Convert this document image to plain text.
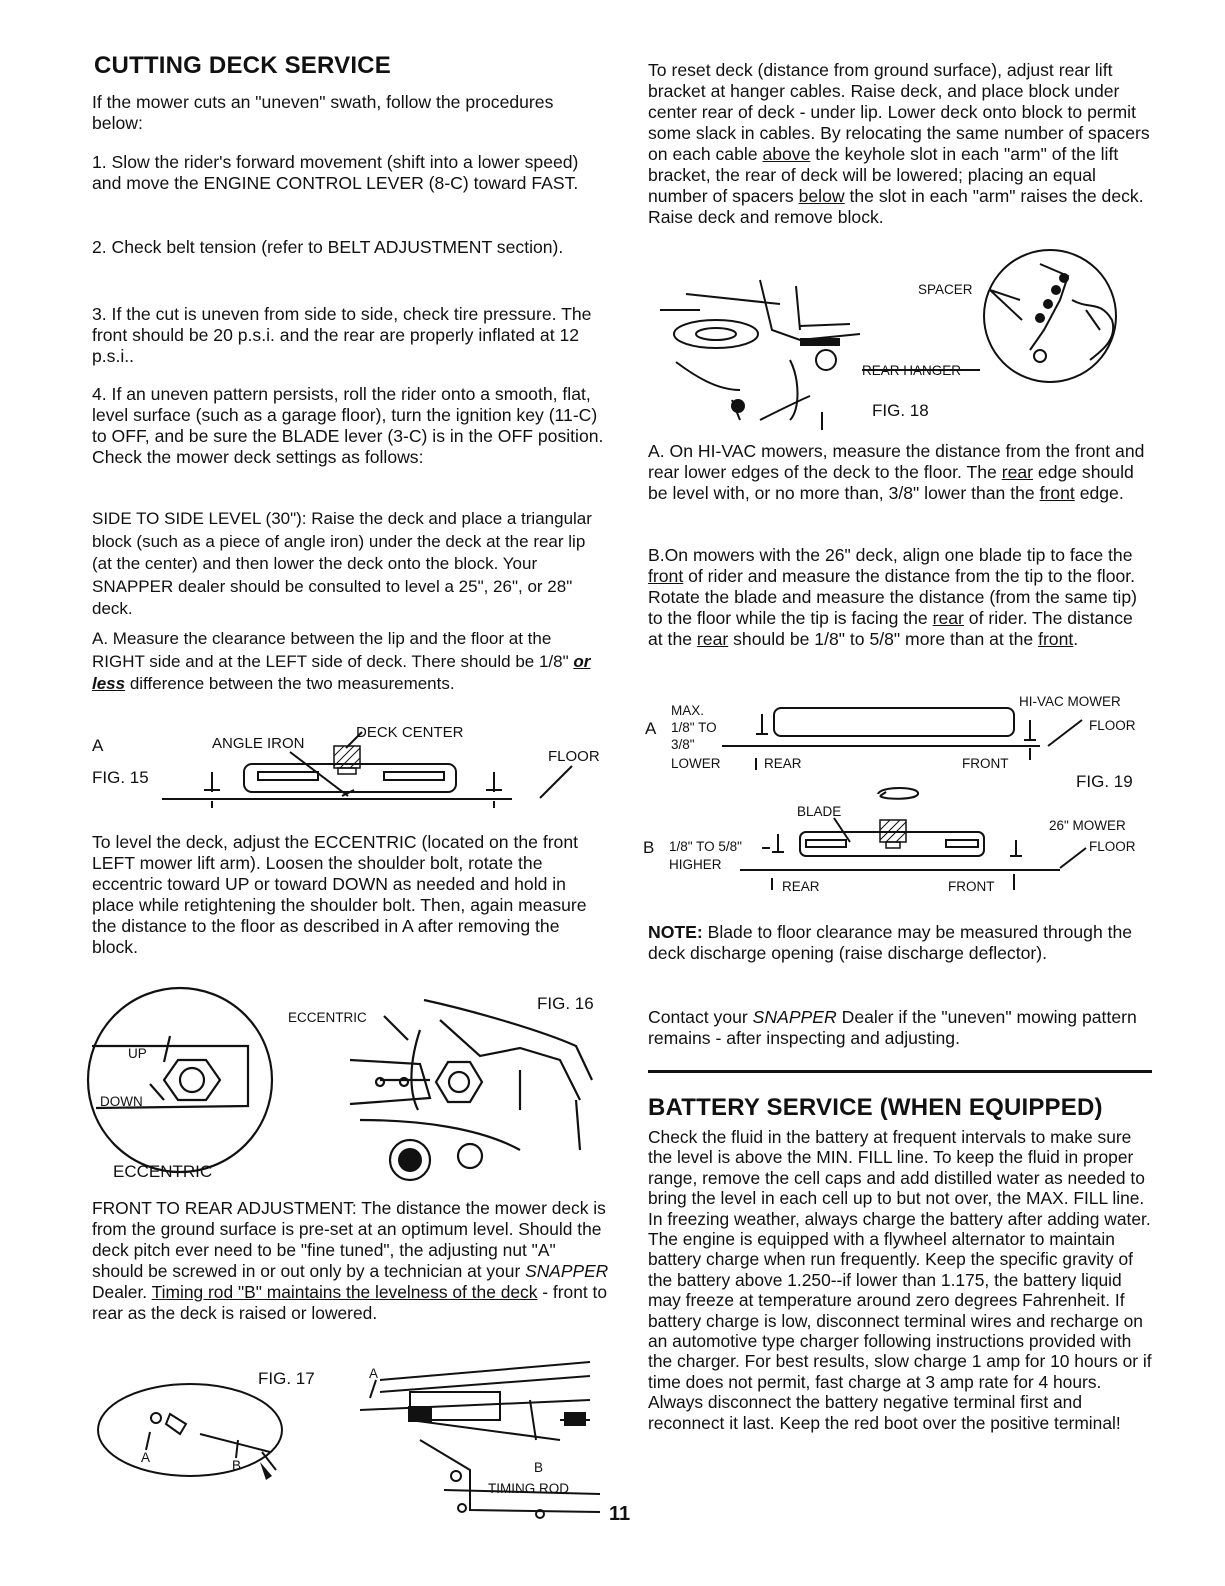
CUTTING DECK SERVICE

If the mower cuts an "uneven" swath, follow the procedures below:

1. Slow the rider's forward movement (shift into a lower speed) and move the ENGINE CONTROL LEVER (8-C) toward FAST.

2. Check belt tension (refer to BELT ADJUSTMENT section).

3. If the cut is uneven from side to side, check tire pressure. The front should be 20 p.s.i. and the rear are properly inflated at 12 p.s.i..

4. If an uneven pattern persists, roll the rider onto a smooth, flat, level surface (such as a garage floor), turn the ignition key (11-C) to OFF, and be sure the BLADE lever (3-C) is in the OFF position. Check the mower deck settings as follows:

SIDE TO SIDE LEVEL (30"): Raise the deck and place a triangular block (such as a piece of angle iron) under the deck at the rear lip (at the center) and then lower the deck onto the block. Your SNAPPER dealer should be consulted to level a 25", 26", or 28" deck.

A. Measure the clearance between the lip and the floor at the RIGHT side and at the LEFT side of deck. There should be 1/8" or less difference between the two measurements.

A	ANGLE IRON
DECK CENTER
FLOOR
FIG. 15

To level the deck, adjust the ECCENTRIC (located on the front LEFT mower lift arm). Loosen the shoulder bolt, rotate the eccentric toward UP or toward DOWN as needed and hold in place while retightening the shoulder bolt. Then, again measure the distance to the floor as described in A after removing the block.

FIG. 16
ECCENTRIC
UP
DOWN
ECCENTRIC

FRONT TO REAR ADJUSTMENT: The distance the mower deck is from the ground surface is pre-set at an optimum level. Should the deck pitch ever need to be "fine tuned", the adjusting nut "A" should be screwed in or out only by a technician at your SNAPPER Dealer. Timing rod "B" maintains the levelness of the deck - front to rear as the deck is raised or lowered.

FIG. 17	A
A
B	B
TIMING ROD
11

To reset deck (distance from ground surface), adjust rear lift bracket at hanger cables. Raise deck, and place block under center rear of deck - under lip. Lower deck onto block to permit some slack in cables. By relocating the same number of spacers on each cable above the keyhole slot in each "arm" of the lift bracket, the rear of deck will be lowered; placing an equal number of spacers below the slot in each "arm" raises the deck. Raise deck and remove block.

SPACER
REAR HANGER
FIG. 18

A. On HI-VAC mowers, measure the distance from the front and rear lower edges of the deck to the floor. The rear edge should be level with, or no more than, 3/8" lower than the front edge.

B.On mowers with the 26" deck, align one blade tip to face the front of rider and measure the distance from the tip to the floor. Rotate the blade and measure the distance (from the same tip) to the floor while the tip is facing the rear of rider. The distance at the rear should be 1/8" to 5/8" more than at the front.

MAX.
A 1/8" TO
3/8"
LOWER	REAR	FRONT
HI-VAC MOWER
FLOOR
FIG. 19
BLADE
B 1/8" TO 5/8"
HIGHER
26" MOWER
FLOOR
REAR	FRONT

NOTE: Blade to floor clearance may be measured through the deck discharge opening (raise discharge deflector).

Contact your SNAPPER Dealer if the "uneven" mowing pattern remains - after inspecting and adjusting.

BATTERY SERVICE (WHEN EQUIPPED)

Check the fluid in the battery at frequent intervals to make sure the level is above the MIN. FILL line. To keep the fluid in proper range, remove the cell caps and add distilled water as needed to bring the level in each cell up to but not over, the MAX. FILL line. In freezing weather, always charge the battery after adding water. The engine is equipped with a flywheel alternator to maintain battery charge when run frequently. Keep the specific gravity of the battery above 1.250--if lower than 1.175, the battery liquid may freeze at temperature around zero degrees Fahrenheit. If battery charge is low, disconnect terminal wires and recharge on an automotive type charger following instructions provided with the charger. For best results, slow charge 1 amp for 10 hours or if time does not permit, fast charge at 3 amp rate for 4 hours. Always disconnect the battery negative terminal first and reconnect it last. Keep the red boot over the positive terminal!
